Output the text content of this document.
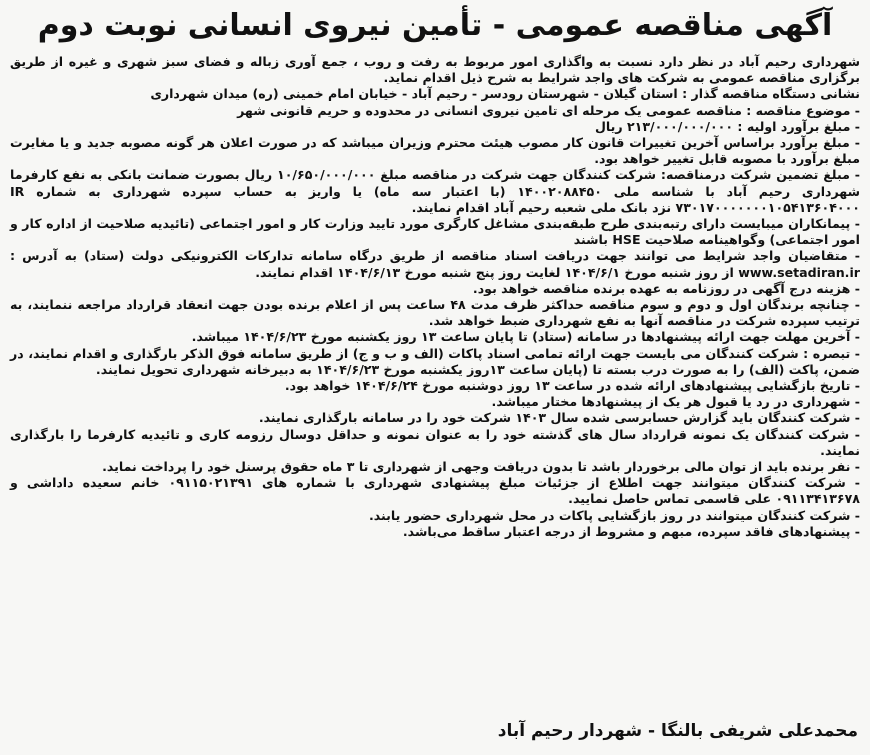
آگهی مناقصه عمومی - تأمین نیروی انسانی نوبت دوم

شهرداری رحیم آباد در نظر دارد نسبت به واگذاری امور مربوط به رفت و روب ، جمع آوری زباله و فضای سبز شهری و غیره از طریق برگزاری مناقصه عمومی به شرکت های واجد شرایط به شرح ذیل اقدام نماید.

نشانی دستگاه مناقصه گذار : استان گیلان - شهرستان رودسر - رحیم آباد - خیابان امام خمینی (ره) میدان شهرداری

- موضوع مناقصه : مناقصه عمومی یک مرحله ای تامین نیروی انسانی در محدوده و حریم قانونی شهر

- مبلغ برآورد اولیه : ۲۱۳/۰۰۰/۰۰۰/۰۰۰ ریال

- مبلغ برآورد براساس آخرین تغییرات قانون کار مصوب هیئت محترم وزیران میباشد که در صورت اعلان هر گونه مصوبه جدید و یا مغایرت مبلغ برآورد با مصوبه قابل تغییر خواهد بود.

- مبلغ تضمین شرکت درمناقصه: شرکت کنندگان جهت شرکت در مناقصه مبلغ ۱۰/۶۵۰/۰۰۰/۰۰۰ ریال بصورت ضمانت بانکی به نفع کارفرما شهرداری رحیم آباد با شناسه ملی ۱۴۰۰۲۰۸۸۴۵۰ (با اعتبار سه ماه) یا واریز به حساب سپرده شهرداری به شماره IR ۷۳۰۱۷۰۰۰۰۰۰۰۱۰۵۴۱۳۶۰۴۰۰۰ نزد بانک ملی شعبه رحیم آباد اقدام نمایند.

- پیمانکاران میبایست دارای رتبه‌بندی طرح طبقه‌بندی مشاغل کارگری مورد تایید وزارت کار و امور اجتماعی (تائیدیه صلاحیت از اداره کار و امور اجتماعی) وگواهینامه صلاحیت HSE باشند

- متقاضیان واجد شرایط می توانند جهت دریافت اسناد مناقصه از طریق درگاه سامانه تدارکات الکترونیکی دولت (ستاد) به آدرس : www.setadiran.ir از روز شنبه مورخ ۱۴۰۴/۶/۱ لغایت روز پنج شنبه مورخ ۱۴۰۴/۶/۱۳ اقدام نمایند.

- هزینه درج آگهی در روزنامه به عهده برنده مناقصه خواهد بود.

- چنانچه برندگان اول و دوم و سوم مناقصه حداکثر ظرف مدت ۴۸ ساعت پس از اعلام برنده بودن جهت انعقاد قرارداد مراجعه ننمایند، به ترتیب سپرده شرکت در مناقصه آنها به نفع شهرداری ضبط خواهد شد.

- آخرین مهلت جهت ارائه پیشنهادها در سامانه (ستاد) تا پایان ساعت ۱۳ روز یکشنبه مورخ ۱۴۰۴/۶/۲۳ میباشد.

- تبصره : شرکت کنندگان می بایست جهت ارائه تمامی اسناد پاکات (الف و ب و ج) از طریق سامانه فوق الذکر بارگذاری و اقدام نمایند، در ضمن، پاکت (الف) را به صورت درب بسته تا (پایان ساعت ۱۳روز یکشنبه مورخ ۱۴۰۴/۶/۲۳ به دبیرخانه شهرداری تحویل نمایند.

- تاریخ بازگشایی پیشنهادهای ارائه شده در ساعت ۱۳ روز دوشنبه مورخ ۱۴۰۴/۶/۲۴ خواهد بود.

- شهرداری در رد یا قبول هر یک از پیشنهادها مختار میباشد.

- شرکت کنندگان باید گزارش حسابرسی شده سال ۱۴۰۳ شرکت خود را در سامانه بارگذاری نمایند.

- شرکت کنندگان یک نمونه قرارداد سال های گذشته خود را به عنوان نمونه و حداقل دوسال رزومه کاری و تائیدیه کارفرما را بارگذاری نمایند.

- نفر برنده باید از توان مالی برخوردار باشد تا بدون دریافت وجهی از شهرداری تا ۳ ماه حقوق پرسنل خود را پرداخت نماید.

- شرکت کنندگان میتوانند جهت اطلاع از جزئیات مبلغ پیشنهادی شهرداری با شماره های ۰۹۱۱۵۰۲۱۳۹۱ خانم سعیده داداشی و ۰۹۱۱۳۴۱۳۶۷۸ علی قاسمی تماس حاصل نمایید.

- شرکت کنندگان میتوانند در روز بازگشایی پاکات در محل شهرداری حضور یابند.

- پیشنهادهای فاقد سپرده، مبهم و مشروط از درجه اعتبار ساقط می‌باشد.

محمدعلی شریفی بالنگا - شهردار رحیم آباد
